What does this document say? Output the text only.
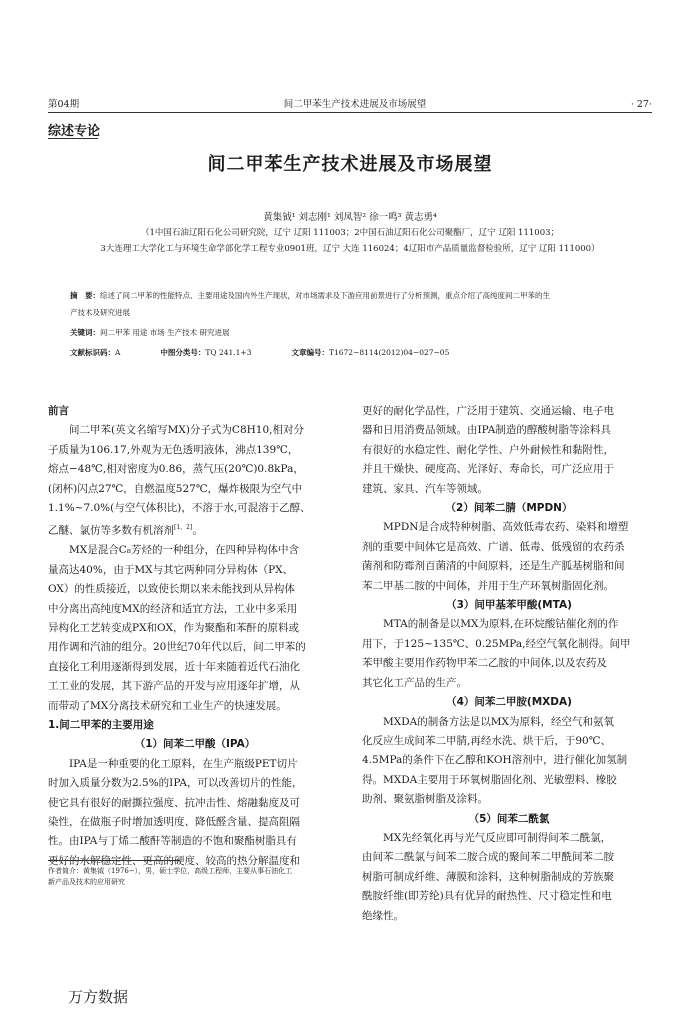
第04期	间二甲苯生产技术进展及市场展望	· 27·
综述专论
间二甲苯生产技术进展及市场展望
黄集钺¹ 刘志刚¹ 刘凤智² 徐一鸣³ 黄志勇⁴
（1中国石油辽阳石化公司研究院，辽宁 辽阳 111003；2中国石油辽阳石化公司聚酯厂，辽宁 辽阳 111003；
3大连理工大学化工与环境生命学部化学工程专业0901班，辽宁 大连 116024；4辽阳市产品质量监督检验所，辽宁 辽阳 111000）
摘　要：综述了间二甲苯的性能特点、主要用途及国内外生产现状，对市场需求及下游应用前景进行了分析预测，重点介绍了高纯度间二甲苯的生
产技术及研究进展
关键词：间二甲苯 用途 市场 生产技术 研究进展
文献标识码：A	中图分类号：TQ 241.1+3	文章编号：T1672−8114(2012)04−027−05
前言

间二甲苯(英文名缩写MX)分子式为C8H10,相对分

子质量为106.17,外观为无色透明液体，沸点139℃，

熔点−48℃,相对密度为0.86，蒸气压(20℃)0.8kPa，

(闭杯)闪点27℃，自燃温度527℃，爆炸极限为空气中

1.1%~7.0%(与空气体积比)，不溶于水,可混溶于乙醇、

乙醚、氯仿等多数有机溶剂[1，2]。

MX是混合C₈芳烃的一种组分，在四种异构体中含

量高达40%，由于MX与其它两种同分异构体（PX、

OX）的性质接近，以致使长期以来未能找到从异构体

中分离出高纯度MX的经济和适宜方法，工业中多采用

异构化工艺转变成PX和OX，作为聚酯和苯酐的原料或

用作调和汽油的组分。20世纪70年代以后，间二甲苯的

直接化工利用逐渐得到发展，近十年来随着近代石油化

工工业的发展，其下游产品的开发与应用逐年扩增，从

而带动了MX分离技术研究和工业生产的快速发展。

1.间二甲苯的主要用途
（1）间苯二甲酸（IPA）

IPA是一种重要的化工原料，在生产瓶级PET切片

时加入质量分数为2.5%的IPA，可以改善切片的性能，

使它具有很好的耐撕拉强度、抗冲击性、熔融黏度及可

染性，在做瓶子时增加透明度、降低醛含量、提高阻隔

性。由IPA与丁烯二酸酐等制造的不饱和聚酯树脂具有

更好的水解稳定性、更高的硬度、较高的热分解温度和

更好的耐化学品性，广泛用于建筑、交通运输、电子电

器和日用消费品领域。由IPA制造的醇酸树脂等涂料具

有很好的水稳定性、耐化学性、户外耐候性和黏附性，

并且干燥快、硬度高、光泽好、寿命长，可广泛应用于

建筑、家具、汽车等领域。

（2）间苯二腈（MPDN）

MPDN是合成特种树脂、高效低毒农药、染料和增塑

剂的重要中间体它是高效、广谱、低毒、低残留的农药杀

菌剂和防霉剂百菌清的中间原料，还是生产胍基树脂和间

苯二甲基二胺的中间体，并用于生产环氧树脂固化剂。

（3）间甲基苯甲酸(MTA)

MTA的制备是以MX为原料,在环烷酸钴催化剂的作

用下，于125~135℃、0.25MPa,经空气氧化制得。间甲

苯甲酸主要用作药物甲苯二乙胺的中间体,以及农药及

其它化工产品的生产。

（4）间苯二甲胺(MXDA)

MXDA的制备方法是以MX为原料，经空气和氨氧

化反应生成间苯二甲腈,再经水洗、烘干后，于90℃、

4.5MPa的条件下在乙醇和KOH溶剂中，进行催化加氢制

得。MXDA主要用于环氧树脂固化剂、光敏塑料、橡胶

助剂、聚氨脂树脂及涂料。

（5）间苯二酰氯

MX先经氧化再与光气反应即可制得间苯二酰氯，

由间苯二酰氯与间苯二胺合成的聚间苯二甲酰间苯二胺

树脂可制成纤维、薄膜和涂料，这种树脂制成的芳族聚

酰胺纤维(即芳纶)具有优异的耐热性、尺寸稳定性和电

绝缘性。

作者简介：黄集钺（1976−），男，硕士学位，高级工程师，主要从事石油化工
新产品及技术的应用研究
万方数据
